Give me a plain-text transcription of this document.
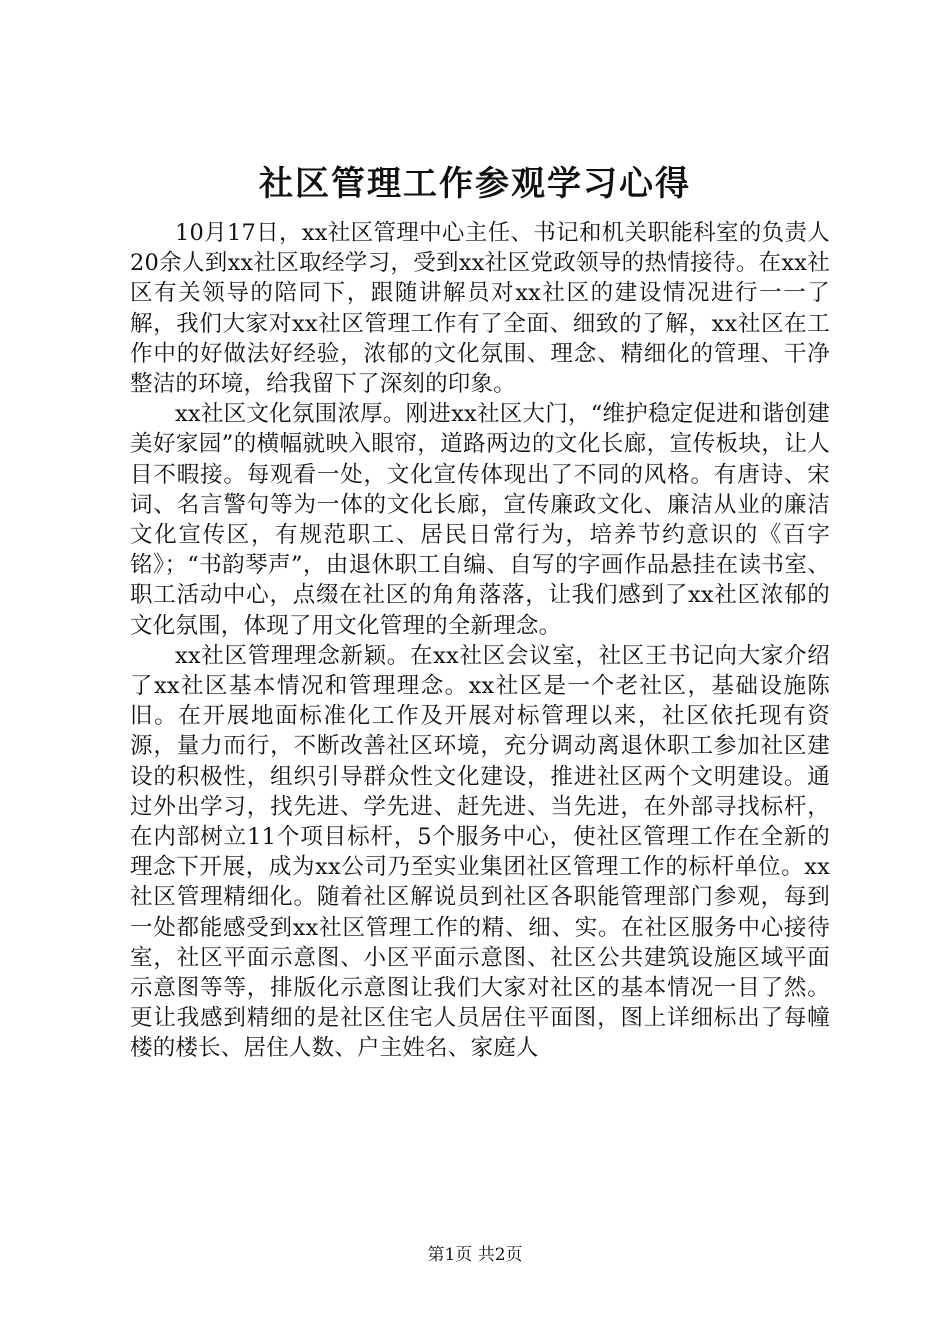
社区管理工作参观学习心得

10月17日，xx社区管理中心主任、书记和机关职能科室的负责人20余人到xx社区取经学习，受到xx社区党政领导的热情接待。在xx社区有关领导的陪同下，跟随讲解员对xx社区的建设情况进行一一了解，我们大家对xx社区管理工作有了全面、细致的了解，xx社区在工作中的好做法好经验，浓郁的文化氛围、理念、精细化的管理、干净整洁的环境，给我留下了深刻的印象。

xx社区文化氛围浓厚。刚进xx社区大门，“维护稳定促进和谐创建美好家园”的横幅就映入眼帘，道路两边的文化长廊，宣传板块，让人目不暇接。每观看一处，文化宣传体现出了不同的风格。有唐诗、宋词、名言警句等为一体的文化长廊，宣传廉政文化、廉洁从业的廉洁文化宣传区，有规范职工、居民日常行为，培养节约意识的《百字铭》；“书韵琴声”，由退休职工自编、自写的字画作品悬挂在读书室、职工活动中心，点缀在社区的角角落落，让我们感到了xx社区浓郁的文化氛围，体现了用文化管理的全新理念。

xx社区管理理念新颖。在xx社区会议室，社区王书记向大家介绍了xx社区基本情况和管理理念。xx社区是一个老社区，基础设施陈旧。在开展地面标准化工作及开展对标管理以来，社区依托现有资源，量力而行，不断改善社区环境，充分调动离退休职工参加社区建设的积极性，组织引导群众性文化建设，推进社区两个文明建设。通过外出学习，找先进、学先进、赶先进、当先进，在外部寻找标杆，在内部树立11个项目标杆，5个服务中心，使社区管理工作在全新的理念下开展，成为xx公司乃至实业集团社区管理工作的标杆单位。xx社区管理精细化。随着社区解说员到社区各职能管理部门参观，每到一处都能感受到xx社区管理工作的精、细、实。在社区服务中心接待室，社区平面示意图、小区平面示意图、社区公共建筑设施区域平面示意图等等，排版化示意图让我们大家对社区的基本情况一目了然。更让我感到精细的是社区住宅人员居住平面图，图上详细标出了每幢楼的楼长、居住人数、户主姓名、家庭人

第1页 共2页
